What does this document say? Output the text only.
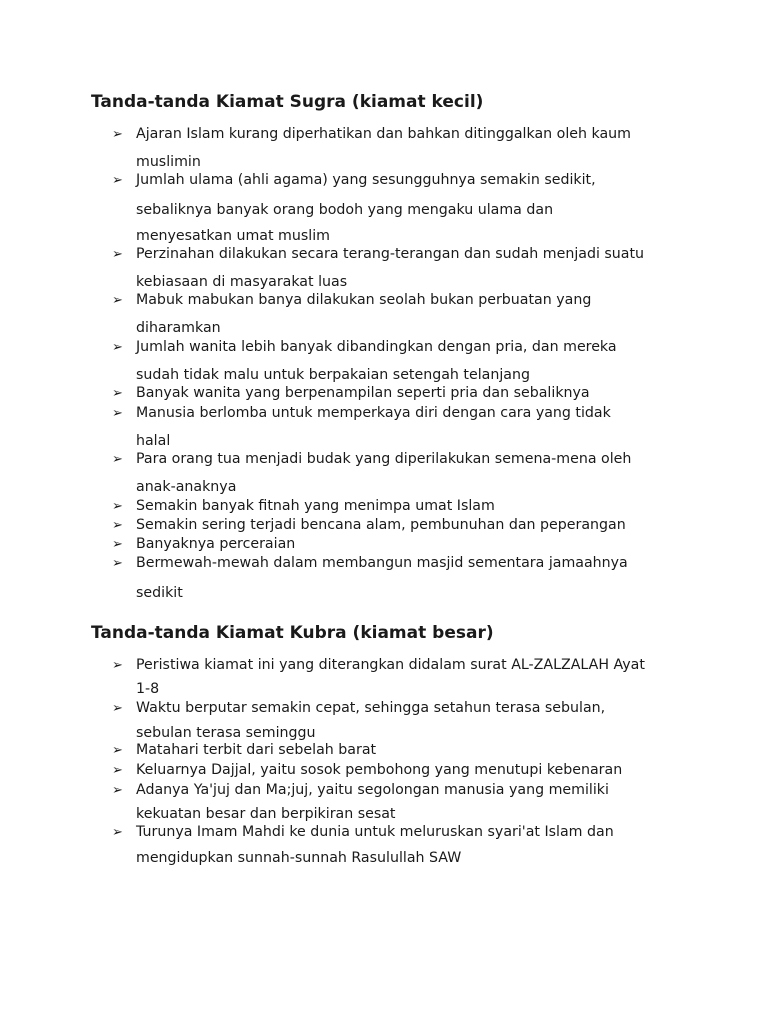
Tanda-tanda Kiamat Sugra (kiamat kecil)
➢ Ajaran Islam kurang diperhatikan dan bahkan ditinggalkan oleh kaum
muslimin
➢ Jumlah ulama (ahli agama) yang sesungguhnya semakin sedikit,
sebaliknya banyak orang bodoh yang mengaku ulama dan
menyesatkan umat muslim
➢ Perzinahan dilakukan secara terang-terangan dan sudah menjadi suatu
kebiasaan di masyarakat luas
➢ Mabuk mabukan banya dilakukan seolah bukan perbuatan yang
diharamkan
➢ Jumlah wanita lebih banyak dibandingkan dengan pria, dan mereka
sudah tidak malu untuk berpakaian setengah telanjang
➢ Banyak wanita yang berpenampilan seperti pria dan sebaliknya
➢ Manusia berlomba untuk memperkaya diri dengan cara yang tidak
halal
➢ Para orang tua menjadi budak yang diperilakukan semena-mena oleh
anak-anaknya
➢ Semakin banyak fitnah yang menimpa umat Islam
➢ Semakin sering terjadi bencana alam, pembunuhan dan peperangan
➢ Banyaknya perceraian
➢ Bermewah-mewah dalam membangun masjid sementara jamaahnya
sedikit
Tanda-tanda Kiamat Kubra (kiamat besar)
➢ Peristiwa kiamat ini yang diterangkan didalam surat AL-ZALZALAH Ayat
1-8
➢ Waktu berputar semakin cepat, sehingga setahun terasa sebulan,
sebulan terasa seminggu
➢ Matahari terbit dari sebelah barat
➢ Keluarnya Dajjal, yaitu sosok pembohong yang menutupi kebenaran
➢ Adanya Ya'juj dan Ma;juj, yaitu segolongan manusia yang memiliki
kekuatan besar dan berpikiran sesat
➢ Turunya Imam Mahdi ke dunia untuk meluruskan syari'at Islam dan
mengidupkan sunnah-sunnah Rasulullah SAW
